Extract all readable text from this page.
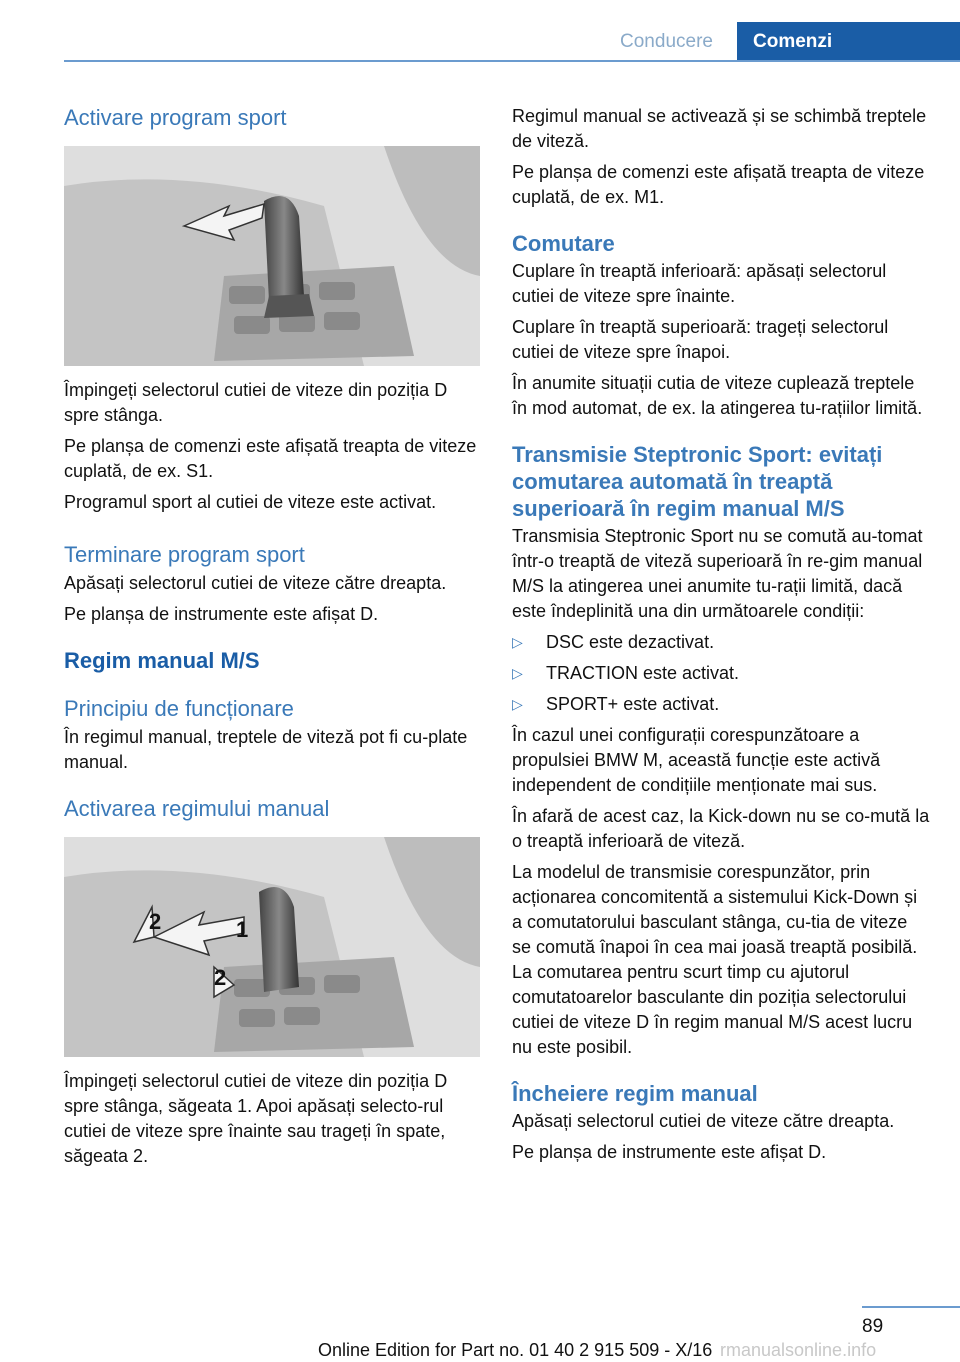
Conducere	Comenzi
Activare program sport

Împingeți selectorul cutiei de viteze din poziția D spre stânga.

Pe planșa de comenzi este afișată treapta de viteze cuplată, de ex. S1.

Programul sport al cutiei de viteze este activat.

Terminare program sport

Apăsați selectorul cutiei de viteze către dreapta.

Pe planșa de instrumente este afișat D.

Regim manual M/S
Principiu de funcționare

În regimul manual, treptele de viteză pot fi cu-plate manual.

Activarea regimului manual
1
2
2

Împingeți selectorul cutiei de viteze din poziția D spre stânga, săgeata 1. Apoi apăsați selecto-rul cutiei de viteze spre înainte sau trageți în spate, săgeata 2.

Regimul manual se activează și se schimbă treptele de viteză.

Pe planșa de comenzi este afișată treapta de viteze cuplată, de ex. M1.

Comutare

Cuplare în treaptă inferioară: apăsați selectorul cutiei de viteze spre înainte.

Cuplare în treaptă superioară: trageți selectorul cutiei de viteze spre înapoi.

În anumite situații cutia de viteze cuplează treptele în mod automat, de ex. la atingerea tu-rațiilor limită.

Transmisie Steptronic Sport: evitați comutarea automată în treaptă superioară în regim manual M/S

Transmisia Steptronic Sport nu se comută au-tomat într-o treaptă de viteză superioară în re-gim manual M/S la atingerea unei anumite tu-rații limită, dacă este îndeplinită una din următoarele condiții:

▷ DSC este dezactivat.
▷ TRACTION este activat.
▷ SPORT+ este activat.

În cazul unei configurații corespunzătoare a propulsiei BMW M, această funcție este activă independent de condițiile menționate mai sus.

În afară de acest caz, la Kick-down nu se co-mută la o treaptă inferioară de viteză.

La modelul de transmisie corespunzător, prin acționarea concomitentă a sistemului Kick-Down și a comutatorului basculant stânga, cu-tia de viteze se comută înapoi în cea mai joasă treaptă posibilă. La comutarea pentru scurt timp cu ajutorul comutatoarelor basculante din poziția selectorului cutiei de viteze D în regim manual M/S acest lucru nu este posibil.

Încheiere regim manual

Apăsați selectorul cutiei de viteze către dreapta.

Pe planșa de instrumente este afișat D.

89
Online Edition for Part no. 01 40 2 915 509 - X/16 rmanualsonline.info
